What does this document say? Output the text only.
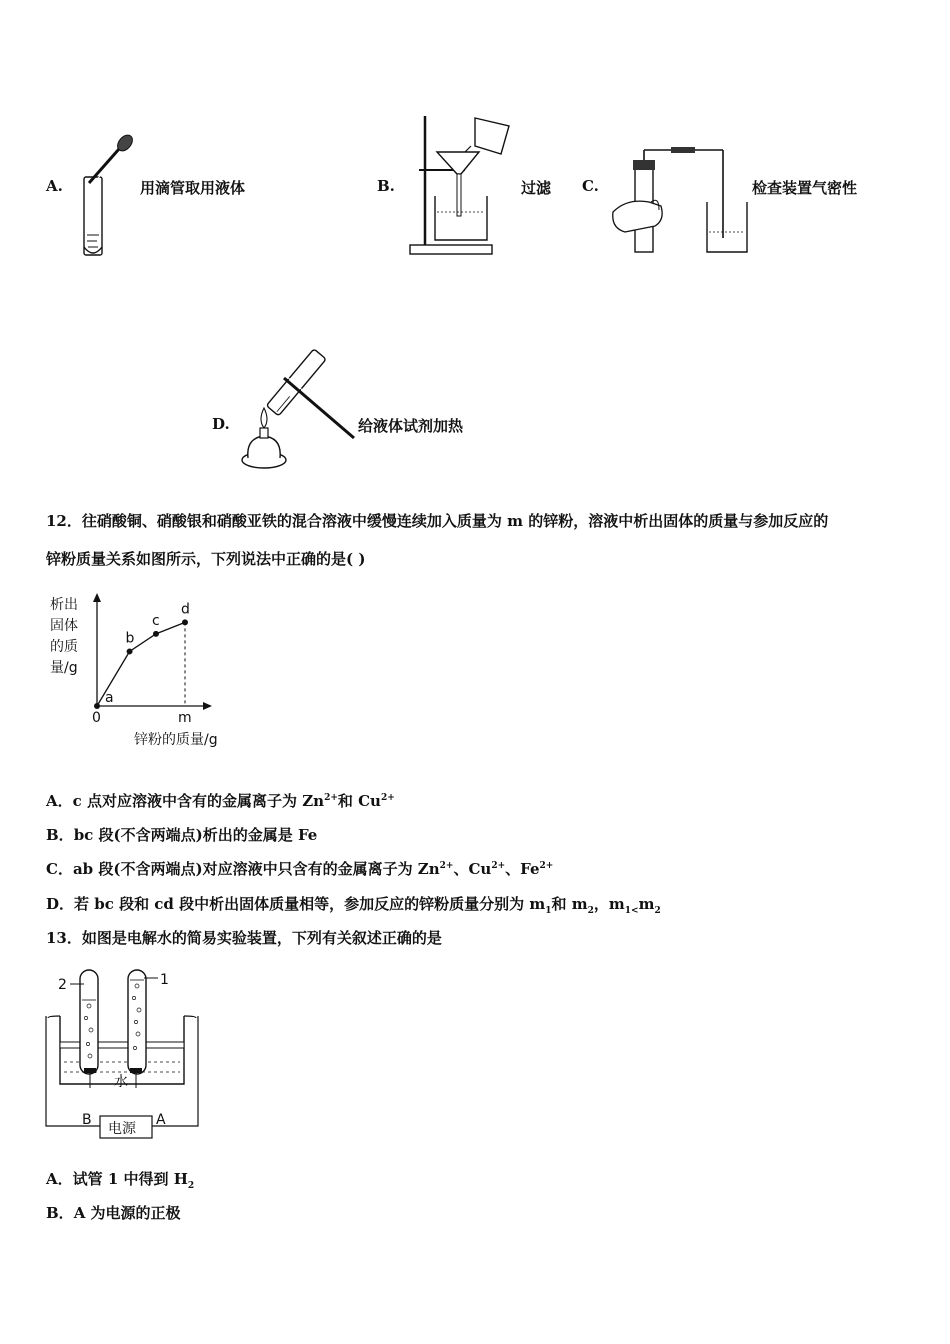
A.	用滴管取用液体	B.	过滤 C.	检查装置气密性
D.	给液体试剂加热
12．往硝酸铜、硝酸银和硝酸亚铁的混合溶液中缓慢连续加入质量为 m 的锌粉，溶液中析出固体的质量与参加反应的
锌粉质量关系如图所示，下列说法中正确的是( )
析出
固体
的质
量/g
0	m
锌粉的质量/g
a
b
c
d
A．c 点对应溶液中含有的金属离子为 $Zn^{2+}$和 $Cu^{2+}$
B．bc 段(不含两端点)析出的金属是 Fe
C．ab 段(不含两端点)对应溶液中只含有的金属离子为 $Zn^{2+}$、$Cu^{2+}$、$Fe^{2+}$
D．若 bc 段和 cd 段中析出固体质量相等，参加反应的锌粉质量分别为 $m_1$和 $m_2$，$m_{1<}m_2$
13．如图是电解水的简易实验装置，下列有关叙述正确的是
水
2	1
电源
B	A
A．试管 1 中得到 $H_2$
B．A 为电源的正极
